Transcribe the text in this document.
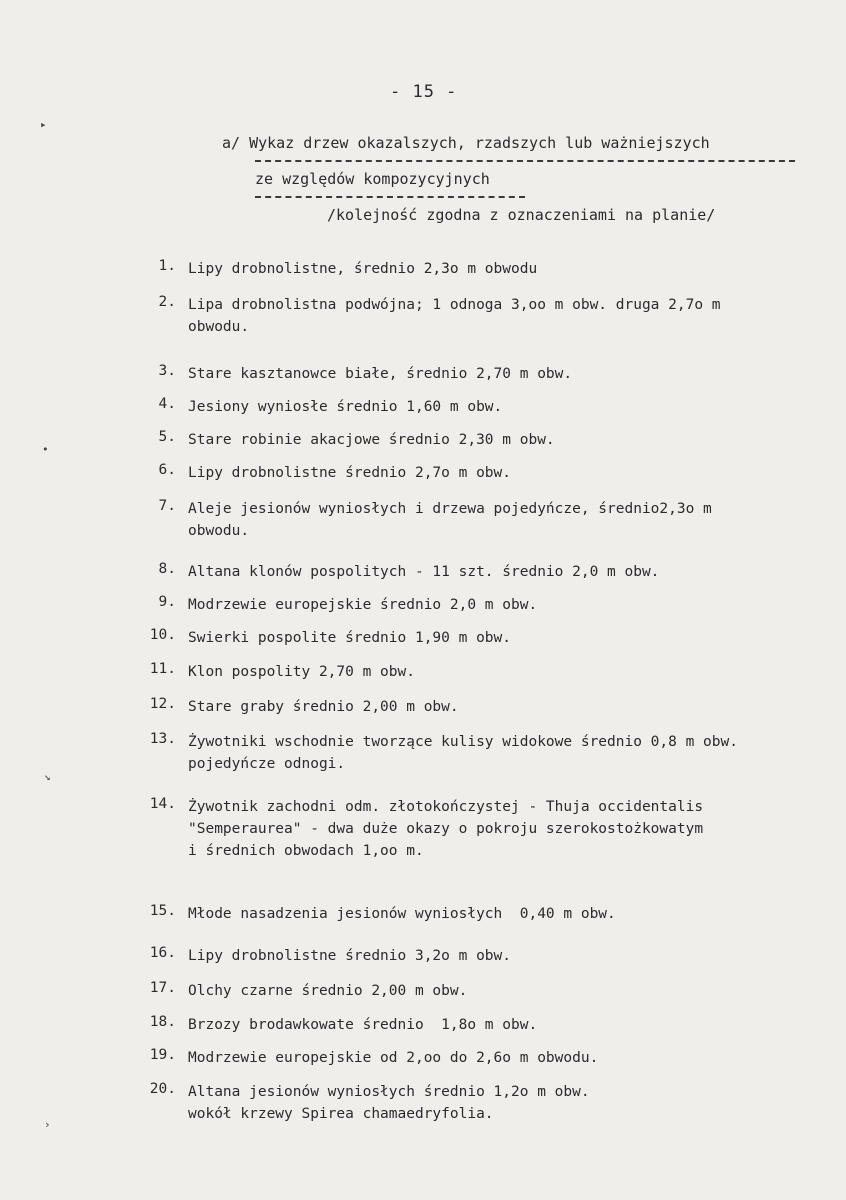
- 15 -
a/ Wykaz drzew okazalszych, rzadszych lub ważniejszych
ze względów kompozycyjnych
/kolejność zgodna z oznaczeniami na planie/
1. Lipy drobnolistne, średnio 2,3o m obwodu
2. Lipa drobnolistna podwójna; 1 odnoga 3,oo m obw. druga 2,7o m
obwodu.
3. Stare kasztanowce białe, średnio 2,70 m obw.
4. Jesiony wyniosłe średnio 1,60 m obw.
5. Stare robinie akacjowe średnio 2,30 m obw.
6. Lipy drobnolistne średnio 2,7o m obw.
7. Aleje jesionów wyniosłych i drzewa pojedyńcze, średnio2,3o m
obwodu.
8. Altana klonów pospolitych - 11 szt. średnio 2,0 m obw.
9. Modrzewie europejskie średnio 2,0 m obw.
10. Swierki pospolite średnio 1,90 m obw.
11. Klon pospolity 2,70 m obw.
12. Stare graby średnio 2,00 m obw.
13. Żywotniki wschodnie tworzące kulisy widokowe średnio 0,8 m obw.
pojedyńcze odnogi.
14. Żywotnik zachodni odm. złotokończystej - Thuja occidentalis
"Semperaurea" - dwa duże okazy o pokroju szerokostożkowatym
i średnich obwodach 1,oo m.
15. Młode nasadzenia jesionów wyniosłych  0,40 m obw.
16. Lipy drobnolistne średnio 3,2o m obw.
17. Olchy czarne średnio 2,00 m obw.
18. Brzozy brodawkowate średnio  1,8o m obw.
19. Modrzewie europejskie od 2,oo do 2,6o m obwodu.
20. Altana jesionów wyniosłych średnio 1,2o m obw.
wokół krzewy Spirea chamaedryfolia.
▸
•
↘
›
